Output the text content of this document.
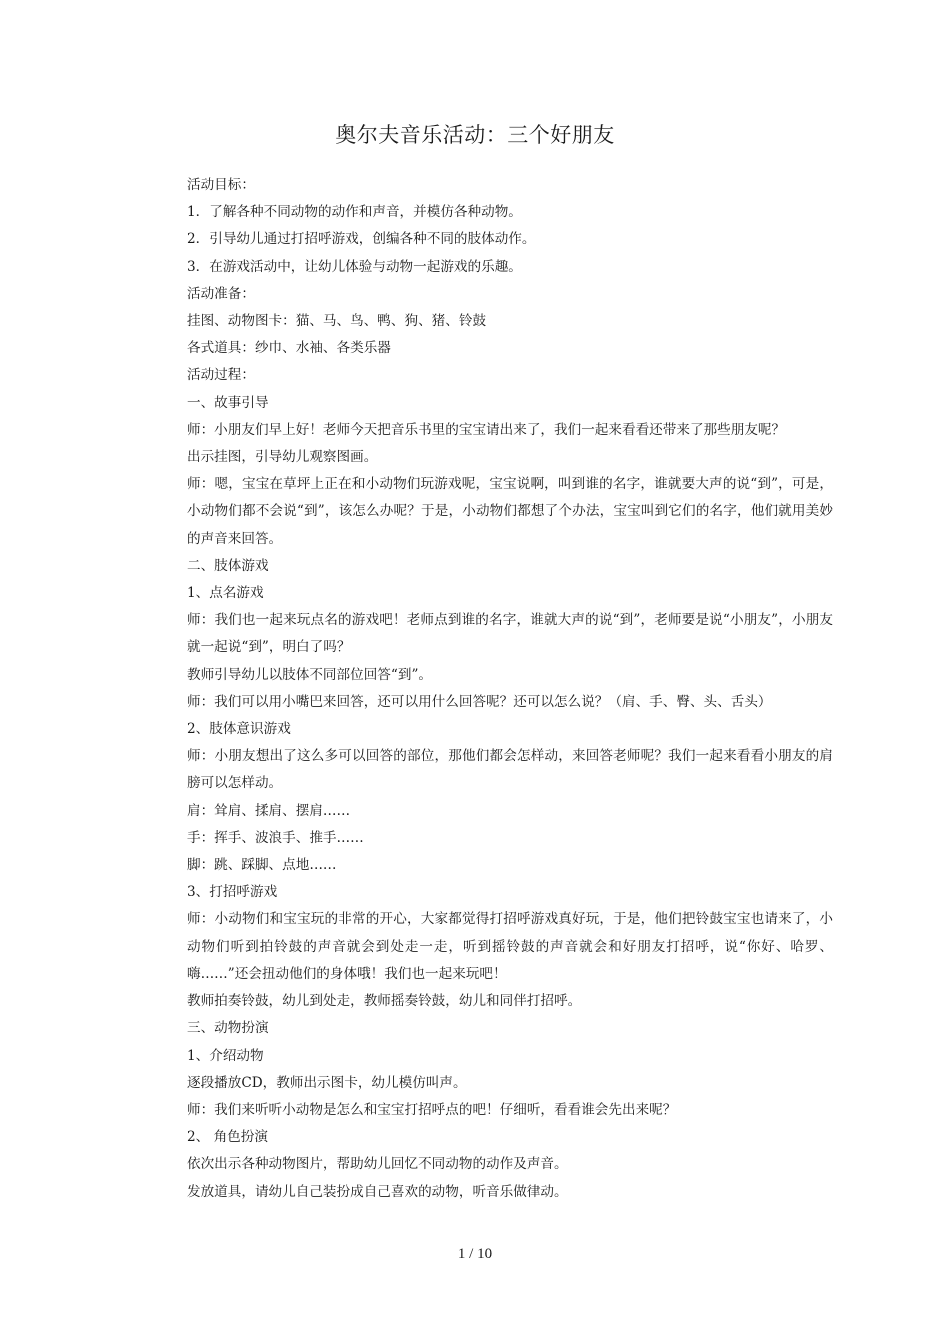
奥尔夫音乐活动：三个好朋友

活动目标：

1．了解各种不同动物的动作和声音，并模仿各种动物。

2．引导幼儿通过打招呼游戏，创编各种不同的肢体动作。

3．在游戏活动中，让幼儿体验与动物一起游戏的乐趣。

活动准备：

挂图、动物图卡：猫、马、鸟、鸭、狗、猪、铃鼓

各式道具：纱巾、水袖、各类乐器

活动过程：

一、故事引导

师：小朋友们早上好！老师今天把音乐书里的宝宝请出来了，我们一起来看看还带来了那些朋友呢？

出示挂图，引导幼儿观察图画。

师：嗯，宝宝在草坪上正在和小动物们玩游戏呢，宝宝说啊，叫到谁的名字，谁就要大声的说“到”，可是，小动物们都不会说“到”，该怎么办呢？于是，小动物们都想了个办法，宝宝叫到它们的名字，他们就用美妙的声音来回答。

二、肢体游戏

1、点名游戏

师：我们也一起来玩点名的游戏吧！老师点到谁的名字，谁就大声的说“到”，老师要是说“小朋友”，小朋友就一起说“到”，明白了吗？

教师引导幼儿以肢体不同部位回答“到”。

师：我们可以用小嘴巴来回答，还可以用什么回答呢？还可以怎么说？（肩、手、臀、头、舌头）

2、肢体意识游戏

师：小朋友想出了这么多可以回答的部位，那他们都会怎样动，来回答老师呢？我们一起来看看小朋友的肩膀可以怎样动。

肩：耸肩、揉肩、摆肩……

手：挥手、波浪手、推手……

脚：跳、踩脚、点地……

3、打招呼游戏

师：小动物们和宝宝玩的非常的开心，大家都觉得打招呼游戏真好玩，于是，他们把铃鼓宝宝也请来了，小动物们听到拍铃鼓的声音就会到处走一走，听到摇铃鼓的声音就会和好朋友打招呼，说“你好、哈罗、嗨……”还会扭动他们的身体哦！我们也一起来玩吧！

教师拍奏铃鼓，幼儿到处走，教师摇奏铃鼓，幼儿和同伴打招呼。

三、动物扮演

1、介绍动物

逐段播放CD，教师出示图卡，幼儿模仿叫声。

师：我们来听听小动物是怎么和宝宝打招呼点的吧！仔细听，看看谁会先出来呢？

2、 角色扮演

依次出示各种动物图片，帮助幼儿回忆不同动物的动作及声音。

发放道具，请幼儿自己装扮成自己喜欢的动物，听音乐做律动。

1 / 10
